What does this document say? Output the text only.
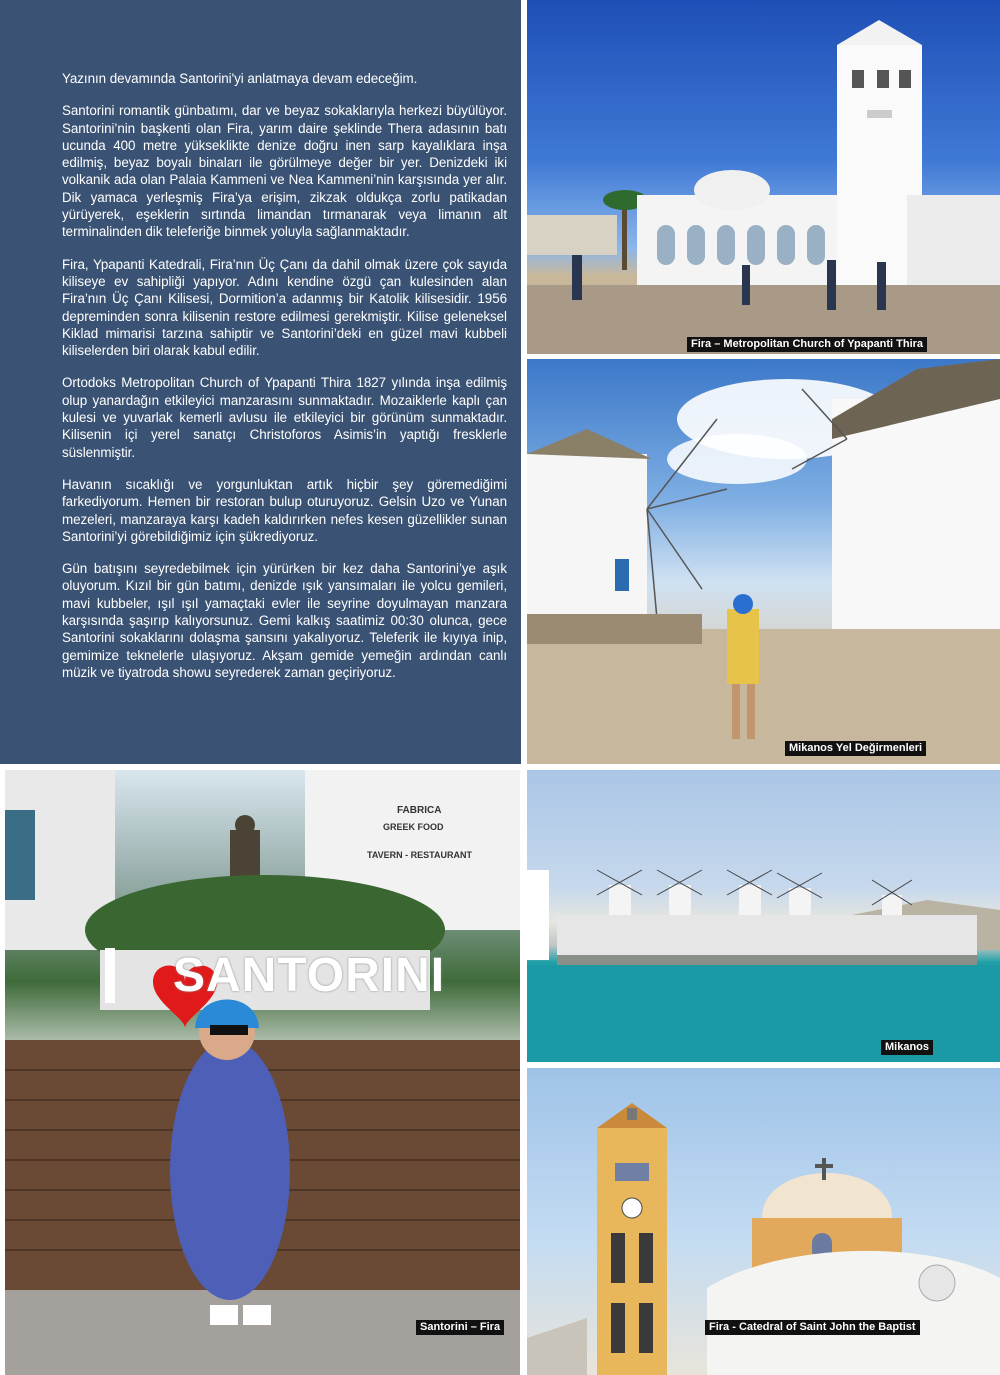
Yazının devamında Santorini'yi anlatmaya devam edeceğim.

Santorini romantik günbatımı, dar ve beyaz sokaklarıyla herkezi büyülüyor. Santorini’nin başkenti olan Fira, yarım daire şeklinde Thera adasının batı ucunda 400 metre yükseklikte denize doğru inen sarp kayalıklara inşa edilmiş, beyaz boyalı binaları ile görülmeye değer bir yer. Denizdeki iki volkanik ada olan Palaia Kammeni ve Nea Kammeni’nin karşısında yer alır. Dik yamaca yerleşmiş Fira’ya erişim, zikzak oldukça zorlu patikadan yürüyerek, eşeklerin sırtında limandan tırmanarak veya limanın alt terminalinden dik teleferiğe binmek yoluyla sağlanmaktadır.

Fira, Ypapanti Katedrali, Fira’nın Üç Çanı da dahil olmak üzere çok sayıda kiliseye ev sahipliği yapıyor. Adını kendine özgü çan kulesinden alan Fira’nın Üç Çanı Kilisesi, Dormition’a adanmış bir Katolik kilisesidir. 1956 depreminden sonra kilisenin restore edilmesi gerekmiştir. Kilise geleneksel Kiklad mimarisi tarzına sahiptir ve Santorini’deki en güzel mavi kubbeli kiliselerden biri olarak kabul edilir.

Ortodoks Metropolitan Church of Ypapanti Thira 1827 yılında inşa edilmiş olup yanardağın etkileyici manzarasını sunmaktadır. Mozaiklerle kaplı çan kulesi ve yuvarlak kemerli avlusu ile etkileyici bir görünüm sunmaktadır. Kilisenin içi yerel sanatçı Christoforos Asimis’in yaptığı fresklerle süslenmiştir.

Havanın sıcaklığı ve yorgunluktan artık hiçbir şey göremediğimi farkediyorum. Hemen bir restoran bulup oturuyoruz. Gelsin Uzo ve Yunan mezeleri, manzaraya karşı kadeh kaldırırken nefes kesen güzellikler sunan Santorini’yi görebildiğimiz için şükrediyoruz.

Gün batışını seyredebilmek için yürürken bir kez daha Santorini’ye aşık oluyorum. Kızıl bir gün batımı, denizde ışık yansımaları ile yolcu gemileri, mavi kubbeler, ışıl ışıl yamaçtaki evler ile seyrine doyulmayan manzara karşısında şaşırıp kalıyorsunuz. Gemi kalkış saatimiz 00:30 olunca, gece Santorini sokaklarını dolaşma şansını yakalıyoruz. Teleferik ile kıyıya inip, gemimize teknelerle ulaşıyoruz. Akşam gemide yemeğin ardından canlı müzik ve tiyatroda showu seyrederek zaman geçiriyoruz.

Fira – Metropolitan Church of Ypapanti Thira
Mikanos Yel Değirmenleri
SANTORINI
FABRICA
GREEK FOOD
TAVERN - RESTAURANT
Santorini – Fira
Mikanos
Fira - Catedral of Saint John the Baptist
